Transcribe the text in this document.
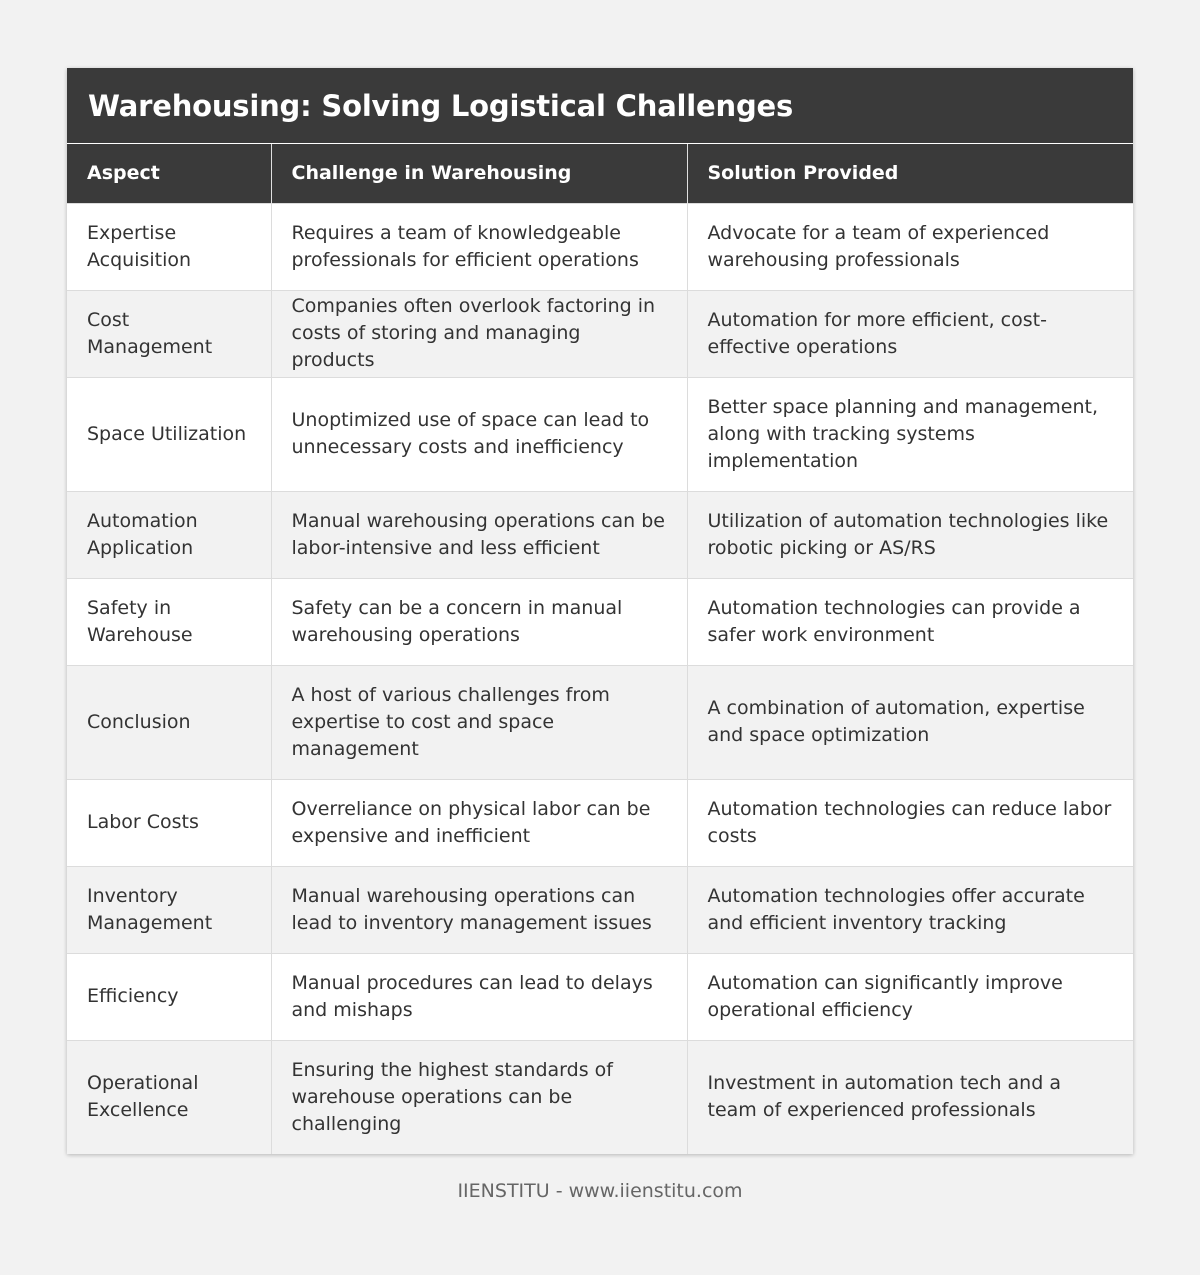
Warehousing: Solving Logistical Challenges
Aspect	Challenge in Warehousing	Solution Provided
Expertise Acquisition	Requires a team of knowledgeable professionals for efficient operations	Advocate for a team of experienced warehousing professionals
Cost Management	Companies often overlook factoring in costs of storing and managing products	Automation for more efficient, cost-effective operations
Space Utilization	Unoptimized use of space can lead to unnecessary costs and inefficiency	Better space planning and management, along with tracking systems implementation
Automation Application	Manual warehousing operations can be labor-intensive and less efficient	Utilization of automation technologies like robotic picking or AS/RS
Safety in Warehouse	Safety can be a concern in manual warehousing operations	Automation technologies can provide a safer work environment
Conclusion	A host of various challenges from expertise to cost and space management	A combination of automation, expertise and space optimization
Labor Costs	Overreliance on physical labor can be expensive and inefficient	Automation technologies can reduce labor costs
Inventory Management	Manual warehousing operations can lead to inventory management issues	Automation technologies offer accurate and efficient inventory tracking
Efficiency	Manual procedures can lead to delays and mishaps	Automation can significantly improve operational efficiency
Operational Excellence	Ensuring the highest standards of warehouse operations can be challenging	Investment in automation tech and a team of experienced professionals
IIENSTITU - www.iienstitu.com
